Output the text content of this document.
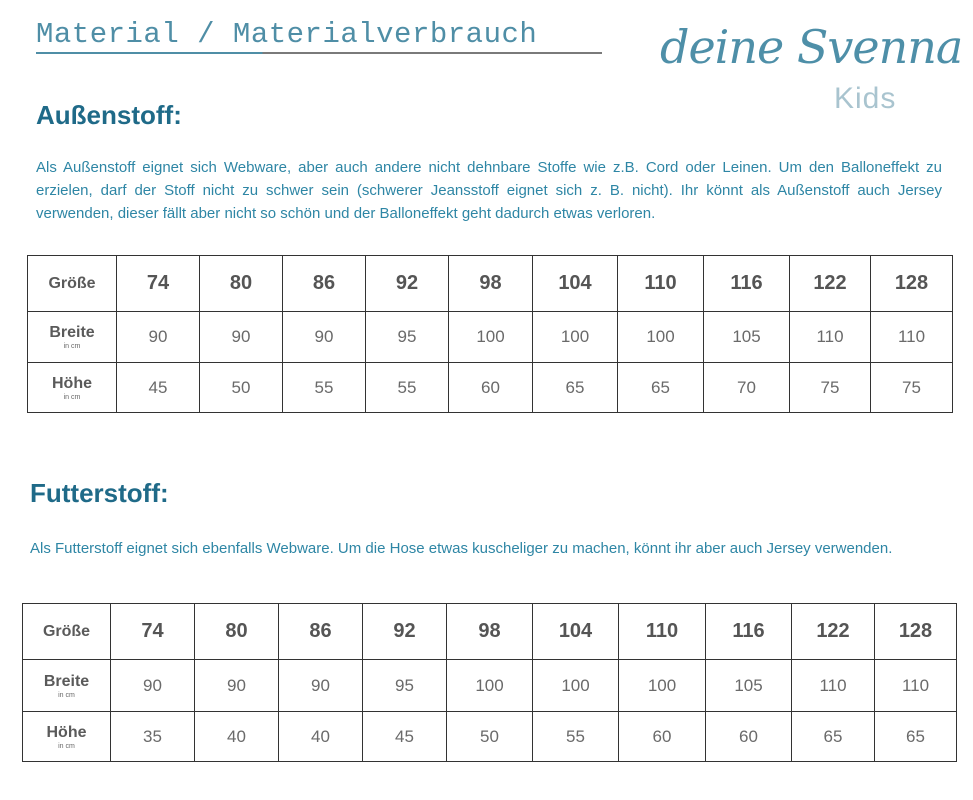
Material / Materialverbrauch	deine Svenna
Kids
Außenstoff:
Als Außenstoff eignet sich Webware, aber auch andere nicht dehnbare Stoffe wie z.B. Cord oder Leinen. Um den Balloneffekt zu erzielen, darf der Stoff nicht zu schwer sein (schwerer Jeansstoff eignet sich z. B. nicht). Ihr könnt als Außenstoff auch Jersey verwenden, dieser fällt aber nicht so schön und der Balloneffekt geht dadurch etwas verloren.
Größe	74	80	86	92	98	104	110	116	122	128
Breite
in cm	90	90	90	95	100	100	100	105	110	110
Höhe
in cm	45	50	55	55	60	65	65	70	75	75
Futterstoff:
Als Futterstoff eignet sich ebenfalls Webware. Um die Hose etwas kuscheliger zu machen, könnt ihr aber auch Jersey verwenden.
Größe	74	80	86	92	98	104	110	116	122	128
Breite
in cm	90	90	90	95	100	100	100	105	110	110
Höhe
in cm	35	40	40	45	50	55	60	60	65	65
